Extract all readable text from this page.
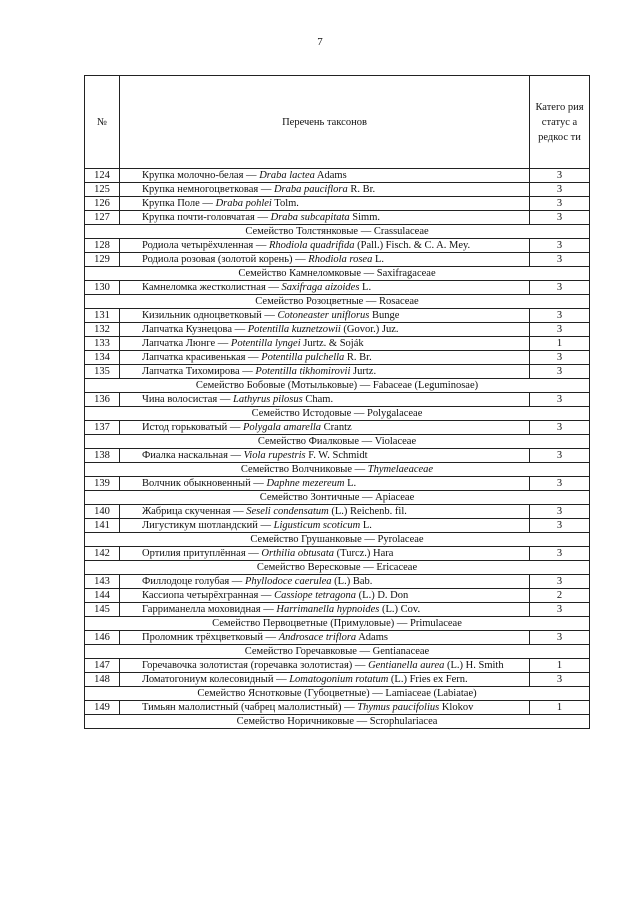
7
№	Перечень таксонов	Катего рия статус а редкос ти
124	Крупка молочно-белая — Draba lactea Adams	3
125	Крупка немногоцветковая — Draba pauciflora R. Br.	3
126	Крупка Поле — Draba pohlei Tolm.	3
127	Крупка почти-головчатая — Draba subcapitata Simm.	3
Семейство Толстянковые — Crassulaceae		
128	Родиола четырёхчленная — Rhodiola quadrifida (Pall.) Fisch. & C. A. Mey.	3
129	Родиола розовая (золотой корень) — Rhodiola rosea L.	3
Семейство Камнеломковые — Saxifragaceae		
130	Камнеломка жестколистная — Saxifraga aizoides L.	3
Семейство Розоцветные — Rosaceae		
131	Кизильник одноцветковый — Cotoneaster uniflorus Bunge	3
132	Лапчатка Кузнецова — Potentilla kuznetzowii (Govor.) Juz.	3
133	Лапчатка Люнге — Potentilla lyngei Jurtz. & Soják	1
134	Лапчатка красивенькая — Potentilla pulchella R. Br.	3
135	Лапчатка Тихомирова — Potentilla tikhomirovii Jurtz.	3
Семейство Бобовые (Мотыльковые) — Fabaceae (Leguminosae)		
136	Чина волосистая — Lathyrus pilosus Cham.	3
Семейство Истодовые — Polygalaceae		
137	Истод горьковатый — Polygala amarella Crantz	3
Семейство Фиалковые — Violaceae		
138	Фиалка наскальная — Viola rupestris F. W. Schmidt	3
Семейство Волчниковые — Thymelaeaceae		
139	Волчник обыкновенный — Daphne mezereum L.	3
Семейство Зонтичные — Apiaceae		
140	Жабрица скученная — Seseli condensatum (L.) Reichenb. fil.	3
141	Лигустикум шотландский — Ligusticum scoticum L.	3
Семейство Грушанковые — Pyrolaceae		
142	Ортилия притуплённая — Orthilia obtusata (Turcz.) Hara	3
Семейство Вересковые — Ericaceae		
143	Филлодоце голубая — Phyllodoce caerulea (L.) Bab.	3
144	Кассиопа четырёхгранная — Cassiope tetragona (L.) D. Don	2
145	Гарриманелла моховидная — Harrimanella hypnoides (L.) Cov.	3
Семейство Первоцветные (Примуловые) — Primulaceae		
146	Проломник трёхцветковый — Androsace triflora Adams	3
Семейство Горечавковые — Gentianaceae		
147	Горечавочка золотистая (горечавка золотистая) — Gentianella aurea (L.) H. Smith	1
148	Ломатогониум колесовидный — Lomatogonium rotatum (L.) Fries ex Fern.	3
Семейство Яснотковые (Губоцветные) — Lamiaceae (Labiatae)		
149	Тимьян малолистный (чабрец малолистный) — Thymus paucifolius Klokov	1
Семейство Норичниковые — Scrophulariacea		
